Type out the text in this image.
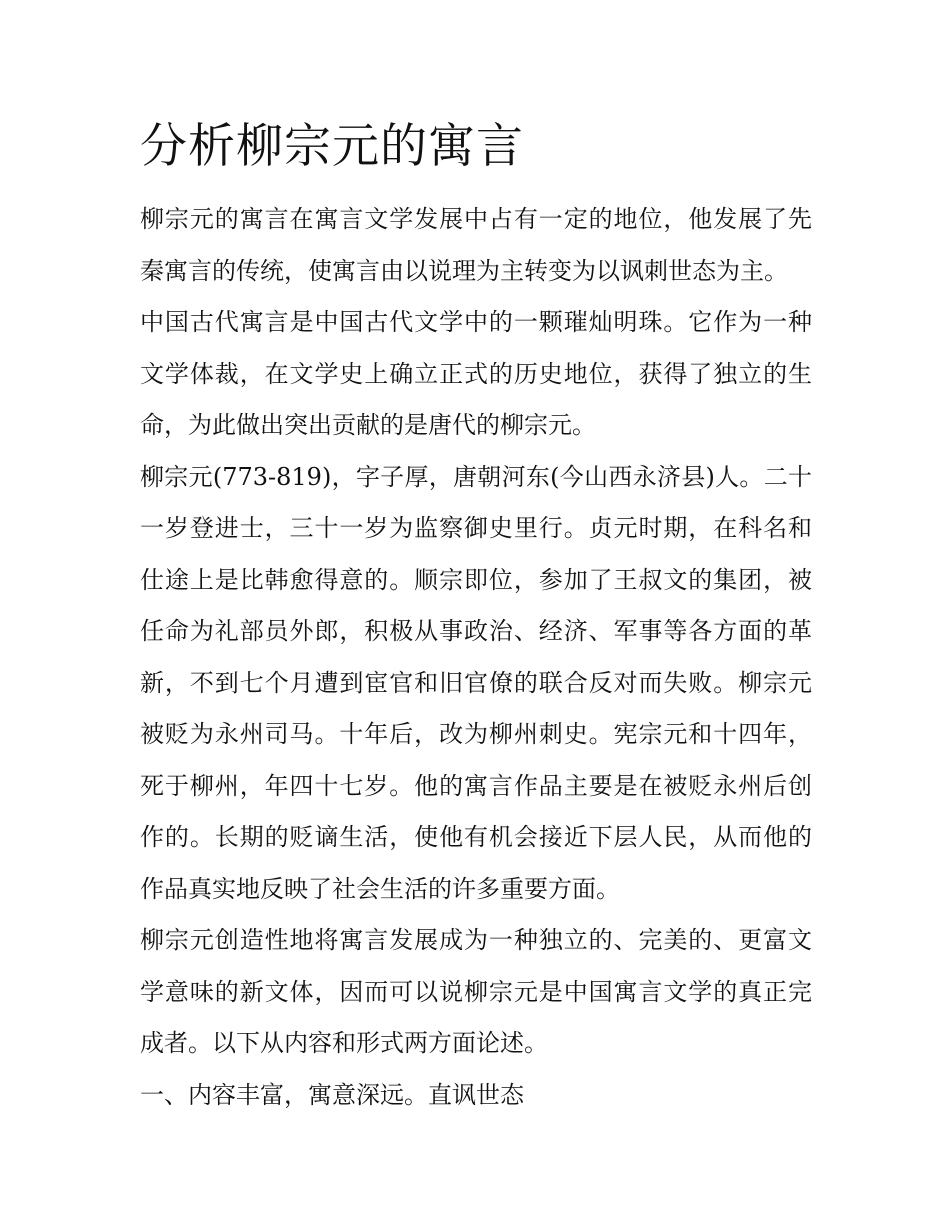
分析柳宗元的寓言

柳宗元的寓言在寓言文学发展中占有一定的地位，他发展了先
秦寓言的传统，使寓言由以说理为主转变为以讽刺世态为主。

中国古代寓言是中国古代文学中的一颗璀灿明珠。它作为一种
文学体裁，在文学史上确立正式的历史地位，获得了独立的生
命，为此做出突出贡献的是唐代的柳宗元。

柳宗元(773-819)，字子厚，唐朝河东(今山西永济县)人。二十
一岁登进士，三十一岁为监察御史里行。贞元时期，在科名和
仕途上是比韩愈得意的。顺宗即位，参加了王叔文的集团，被
任命为礼部员外郎，积极从事政治、经济、军事等各方面的革
新，不到七个月遭到宦官和旧官僚的联合反对而失败。柳宗元
被贬为永州司马。十年后，改为柳州刺史。宪宗元和十四年，
死于柳州，年四十七岁。他的寓言作品主要是在被贬永州后创
作的。长期的贬谪生活，使他有机会接近下层人民，从而他的
作品真实地反映了社会生活的许多重要方面。

柳宗元创造性地将寓言发展成为一种独立的、完美的、更富文
学意味的新文体，因而可以说柳宗元是中国寓言文学的真正完
成者。以下从内容和形式两方面论述。

一、内容丰富，寓意深远。直讽世态
